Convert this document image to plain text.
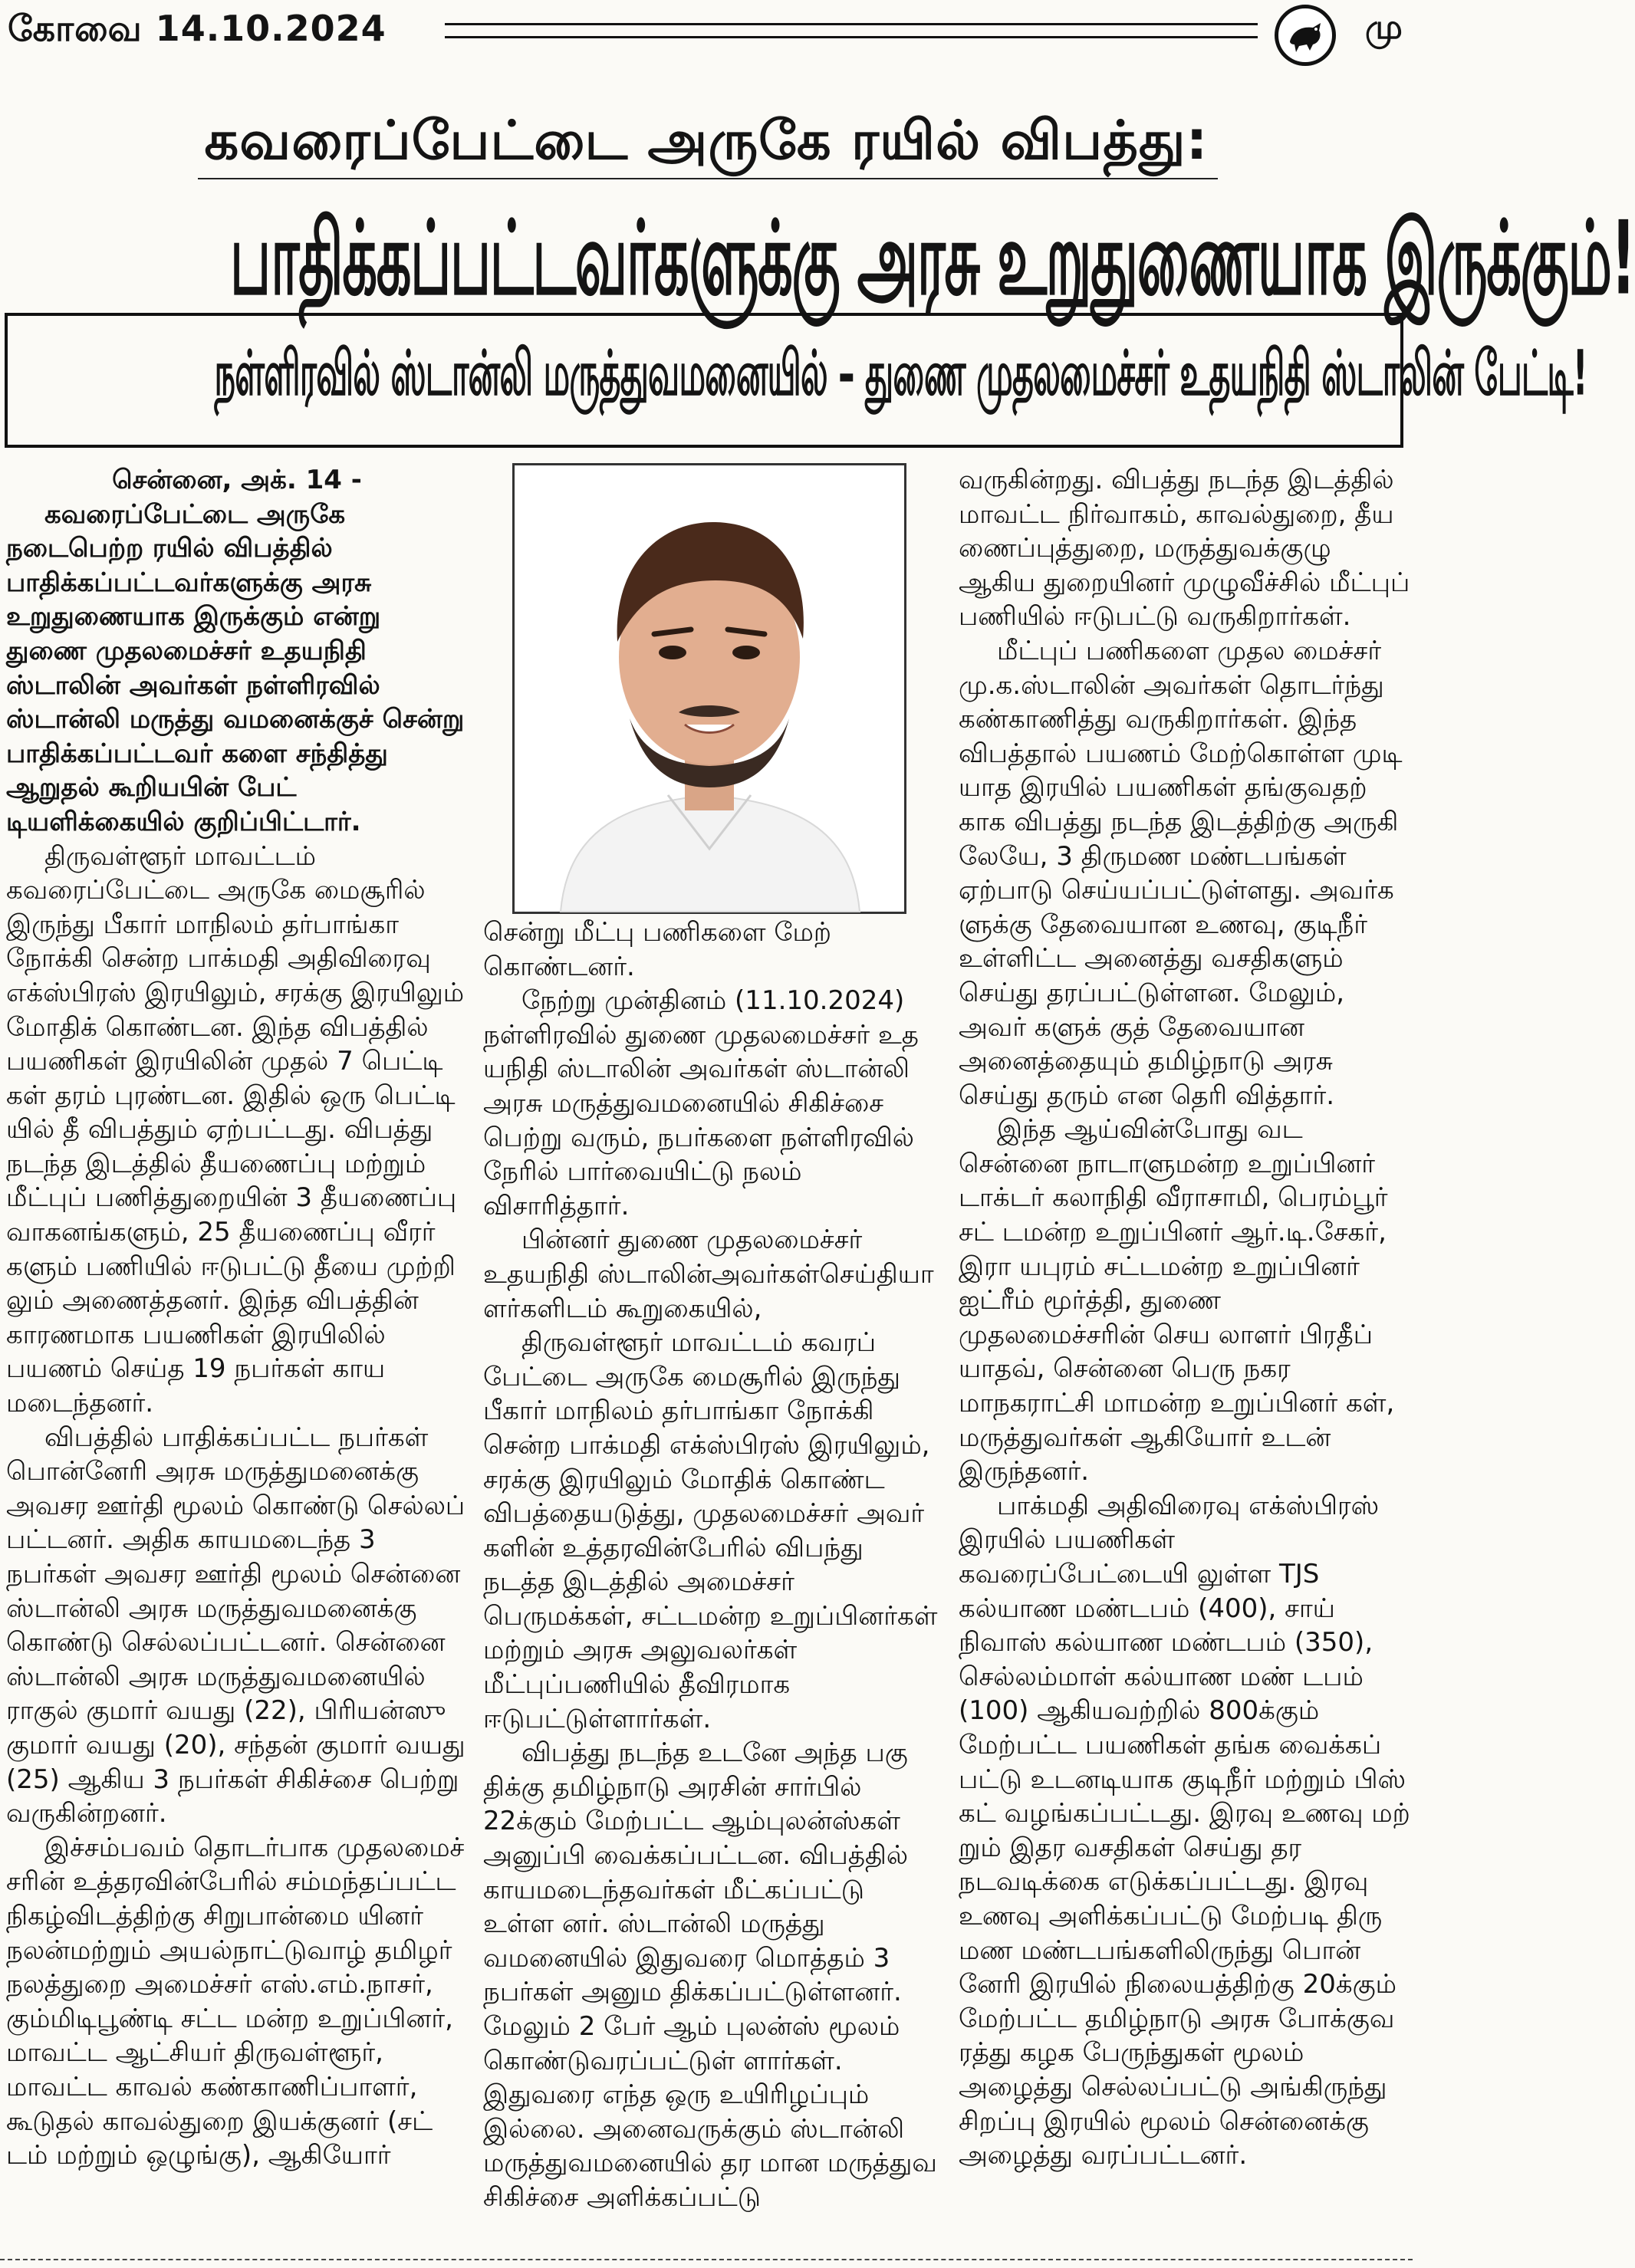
கோவை 14.10.2024	மு
கவரைப்பேட்டை அருகே ரயில் விபத்து:
பாதிக்கப்பட்டவர்களுக்கு அரசு உறுதுணையாக இருக்கும்!
நள்ளிரவில் ஸ்டான்லி மருத்துவமனையில் – துணை முதலமைச்சர் உதயநிதி ஸ்டாலின் பேட்டி!

சென்னை, அக். 14 -

கவரைப்பேட்டை அருகே நடைபெற்ற ரயில் விபத்தில் பாதிக்கப்பட்டவர்களுக்கு அரசு உறுதுணையாக இருக்கும் என்று துணை முதலமைச்சர் உதயநிதி ஸ்டாலின் அவர்கள் நள்ளிரவில் ஸ்டான்லி மருத்து வமனைக்குச் சென்று பாதிக்கப்பட்டவர் களை சந்தித்து ஆறுதல் கூறியபின் பேட் டியளிக்கையில் குறிப்பிட்டார்.

திருவள்ளூர் மாவட்டம் கவரைப்பேட்டை அருகே மைசூரில் இருந்து பீகார் மாநிலம் தர்பாங்கா நோக்கி சென்ற பாக்மதி அதிவிரைவு எக்ஸ்பிரஸ் இரயிலும், சரக்கு இரயிலும் மோதிக் கொண்டன. இந்த விபத்தில் பயணிகள் இரயிலின் முதல் 7 பெட்டி கள் தரம் புரண்டன. இதில் ஒரு பெட்டி யில் தீ விபத்தும் ஏற்பட்டது. விபத்து நடந்த இடத்தில் தீயணைப்பு மற்றும் மீட்புப் பணித்துறையின் 3 தீயணைப்பு வாகனங்களும், 25 தீயணைப்பு வீரர் களும் பணியில் ஈடுபட்டு தீயை முற்றி லும் அணைத்தனர். இந்த விபத்தின் காரணமாக பயணிகள் இரயிலில் பயணம் செய்த 19 நபர்கள் காய மடைந்தனர்.

விபத்தில் பாதிக்கப்பட்ட நபர்கள் பொன்னேரி அரசு மருத்துமனைக்கு அவசர ஊர்தி மூலம் கொண்டு செல்லப் பட்டனர். அதிக காயமடைந்த 3 நபர்கள் அவசர ஊர்தி மூலம் சென்னை ஸ்டான்லி அரசு மருத்துவமனைக்கு கொண்டு செல்லப்பட்டனர். சென்னை ஸ்டான்லி அரசு மருத்துவமனையில் ராகுல் குமார் வயது (22), பிரியன்ஸு குமார் வயது (20), சந்தன் குமார் வயது (25) ஆகிய 3 நபர்கள் சிகிச்சை பெற்று வருகின்றனர்.

இச்சம்பவம் தொடர்பாக முதலமைச் சரின் உத்தரவின்பேரில் சம்மந்தப்பட்ட நிகழ்விடத்திற்கு சிறுபான்மை யினர் நலன்மற்றும் அயல்நாட்டுவாழ் தமிழர் நலத்துறை அமைச்சர் எஸ்.எம்.நாசர், கும்மிடிபூண்டி சட்ட மன்ற உறுப்பினர், மாவட்ட ஆட்சியர் திருவள்ளூர், மாவட்ட காவல் கண்காணிப்பாளர், கூடுதல் காவல்துறை இயக்குனர் (சட் டம் மற்றும் ஒழுங்கு), ஆகியோர்

சென்று மீட்பு பணிகளை மேற் கொண்டனர்.

நேற்று முன்தினம் (11.10.2024) நள்ளிரவில் துணை முதலமைச்சர் உத யநிதி ஸ்டாலின் அவர்கள் ஸ்டான்லி அரசு மருத்துவமனையில் சிகிச்சை பெற்று வரும், நபர்களை நள்ளிரவில் நேரில் பார்வையிட்டு நலம் விசாரித்தார்.

பின்னர் துணை முதலமைச்சர் உதயநிதி ஸ்டாலின்அவர்கள்செய்தியா ளர்களிடம் கூறுகையில்,

திருவள்ளூர் மாவட்டம் கவரப் பேட்டை அருகே மைசூரில் இருந்து பீகார் மாநிலம் தர்பாங்கா நோக்கி சென்ற பாக்மதி எக்ஸ்பிரஸ் இரயிலும், சரக்கு இரயிலும் மோதிக் கொண்ட விபத்தையடுத்து, முதலமைச்சர் அவர் களின் உத்தரவின்பேரில் விபந்து நடத்த இடத்தில் அமைச்சர் பெருமக்கள், சட்டமன்ற உறுப்பினர்கள் மற்றும் அரசு அலுவலர்கள் மீட்புப்பணியில் தீவிரமாக ஈடுபட்டுள்ளார்கள்.

விபத்து நடந்த உடனே அந்த பகு திக்கு தமிழ்நாடு அரசின் சார்பில் 22க்கும் மேற்பட்ட ஆம்புலன்ஸ்கள் அனுப்பி வைக்கப்பட்டன. விபத்தில் காயமடைந்தவர்கள் மீட்கப்பட்டு உள்ள னர். ஸ்டான்லி மருத்து வமனையில் இதுவரை மொத்தம் 3 நபர்கள் அனும திக்கப்பட்டுள்ளனர். மேலும் 2 பேர் ஆம் புலன்ஸ் மூலம் கொண்டுவரப்பட்டுள் ளார்கள். இதுவரை எந்த ஒரு உயிரிழப்பும் இல்லை. அனைவருக்கும் ஸ்டான்லி மருத்துவமனையில் தர மான மருத்துவ சிகிச்சை அளிக்கப்பட்டு

வருகின்றது. விபத்து நடந்த இடத்தில் மாவட்ட நிர்வாகம், காவல்துறை, தீய ணைப்புத்துறை, மருத்துவக்குழு ஆகிய துறையினர் முழுவீச்சில் மீட்புப் பணியில் ஈடுபட்டு வருகிறார்கள்.

மீட்புப் பணிகளை முதல மைச்சர் மு.க.ஸ்டாலின் அவர்கள் தொடர்ந்து கண்காணித்து வருகிறார்கள். இந்த விபத்தால் பயணம் மேற்கொள்ள முடி யாத இரயில் பயணிகள் தங்குவதற் காக விபத்து நடந்த இடத்திற்கு அருகி லேயே, 3 திருமண மண்டபங்கள் ஏற்பாடு செய்யப்பட்டுள்ளது. அவர்க ளுக்கு தேவையான உணவு, குடிநீர் உள்ளிட்ட அனைத்து வசதிகளும் செய்து தரப்பட்டுள்ளன. மேலும், அவர் களுக் குத் தேவையான அனைத்தையும் தமிழ்நாடு அரசு செய்து தரும் என தெரி வித்தார்.

இந்த ஆய்வின்போது வட சென்னை நாடாளுமன்ற உறுப்பினர் டாக்டர் கலாநிதி வீராசாமி, பெரம்பூர் சட் டமன்ற உறுப்பினர் ஆர்.டி.சேகர், இரா யபுரம் சட்டமன்ற உறுப்பினர் ஐட்ரீம் மூர்த்தி, துணை முதலமைச்சரின் செய லாளர் பிரதீப் யாதவ், சென்னை பெரு நகர மாநகராட்சி மாமன்ற உறுப்பினர் கள், மருத்துவர்கள் ஆகியோர் உடன் இருந்தனர்.

பாக்மதி அதிவிரைவு எக்ஸ்பிரஸ் இரயில் பயணிகள் கவரைப்பேட்டையி லுள்ள TJS கல்யாண மண்டபம் (400), சாய் நிவாஸ் கல்யாண மண்டபம் (350), செல்லம்மாள் கல்யாண மண் டபம் (100) ஆகியவற்றில் 800க்கும் மேற்பட்ட பயணிகள் தங்க வைக்கப் பட்டு உடனடியாக குடிநீர் மற்றும் பிஸ் கட் வழங்கப்பட்டது. இரவு உணவு மற் றும் இதர வசதிகள் செய்து தர நடவடிக்கை எடுக்கப்பட்டது. இரவு உணவு அளிக்கப்பட்டு மேற்படி திரு மண மண்டபங்களிலிருந்து பொன் னேரி இரயில் நிலையத்திற்கு 20க்கும் மேற்பட்ட தமிழ்நாடு அரசு போக்குவ ரத்து கழக பேருந்துகள் மூலம் அழைத்து செல்லப்பட்டு அங்கிருந்து சிறப்பு இரயில் மூலம் சென்னைக்கு அழைத்து வரப்பட்டனர்.
